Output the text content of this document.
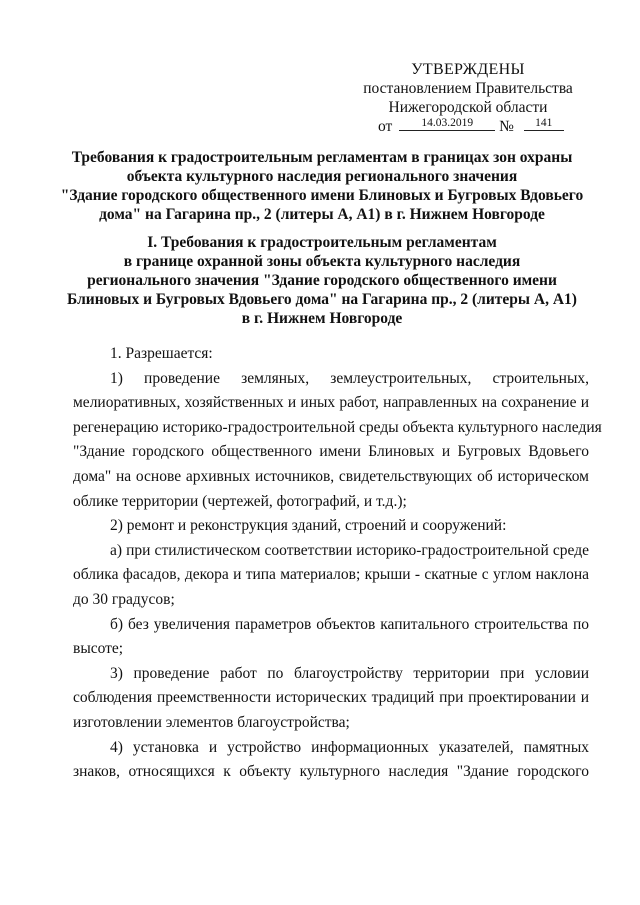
УТВЕРЖДЕНЫ
постановлением Правительства
Нижегородской области
от	14.03.2019	№	141
Требования к градостроительным регламентам в границах зон охраны
объекта культурного наследия регионального значения
"Здание городского общественного имени Блиновых и Бугровых Вдовьего
дома" на Гагарина пр., 2 (литеры А, А1) в г. Нижнем Новгороде
I. Требования к градостроительным регламентам
в границе охранной зоны объекта культурного наследия
регионального значения "Здание городского общественного имени
Блиновых и Бугровых Вдовьего дома" на Гагарина пр., 2 (литеры А, А1)
в г. Нижнем Новгороде
1. Разрешается:
1) проведение земляных, землеустроительных, строительных,
мелиоративных, хозяйственных и иных работ, направленных на сохранение и
регенерацию историко-градостроительной среды объекта культурного наследия
"Здание городского общественного имени Блиновых и Бугровых Вдовьего
дома" на основе архивных источников, свидетельствующих об историческом
облике территории (чертежей, фотографий, и т.д.);
2) ремонт и реконструкция зданий, строений и сооружений:
а) при стилистическом соответствии историко-градостроительной среде
облика фасадов, декора и типа материалов; крыши - скатные с углом наклона
до 30 градусов;
б) без увеличения параметров объектов капитального строительства по
высоте;
3) проведение работ по благоустройству территории при условии
соблюдения преемственности исторических традиций при проектировании и
изготовлении элементов благоустройства;
4) установка и устройство информационных указателей, памятных
знаков, относящихся к объекту культурного наследия "Здание городского
